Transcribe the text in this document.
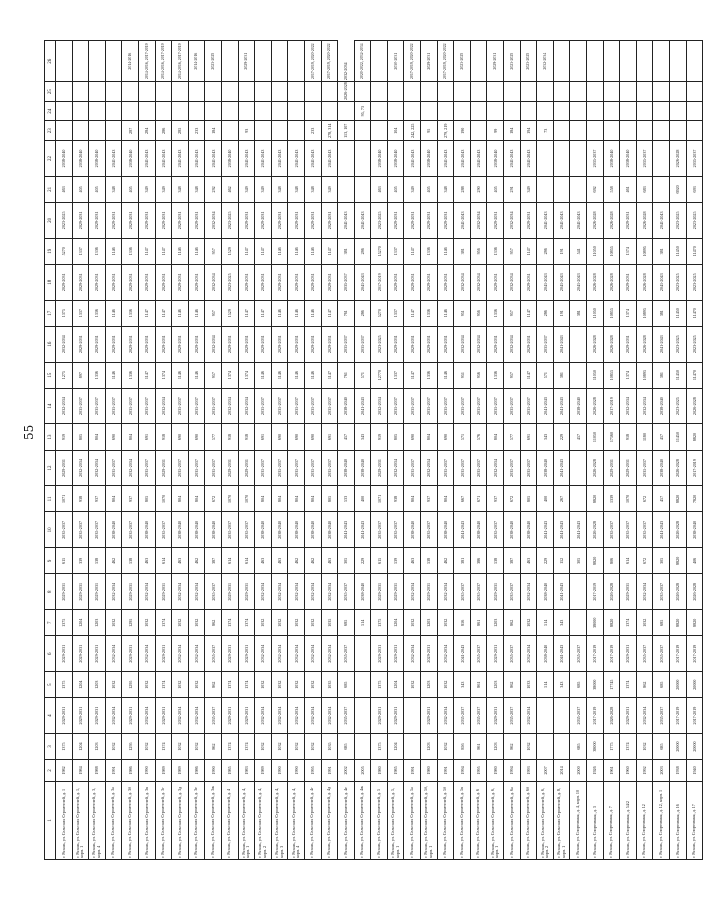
55
1	2	3	4	5	6	7	8	9	10	11	12	13	14	15	16	17	18	19	20	21	22	23	24	25	26
г. Рязань, ул. Сельских Строителей, д. 1	1982	1375	2029-2031	1375	2029-2031	1375	2029-2031	615	2035-2037	1071	2029-2031	919	2032-2034	1275	2032-2034	1375	2029-2031	5270	2023-2025	463	2038-2040				
г. Рязань, ул. Сельских Строителей, д. 1, корп. 1	1984	1204	2029-2031	1204	2029-2031	1204	2029-2031	339	2035-2037	938	2032-2034	805	2035-2037	897	2029-2031	1337	2029-2031	1337	2029-2031	405	2038-2040				
г. Рязань, ул. Сельских Строителей, д. 3, корп. 4	1988	1203	2029-2031	1203	2029-2031	1203	2029-2031	538	2035-2037	937	2032-2034	804	2035-2037	1336	2029-2031	1336	2029-2031	1336	2029-2031	405	2038-2040				
г. Рязань, ул. Сельских Строителей, д. 3а	1991	1032	2032-2034	1032	2032-2034	1032	2032-2034	462	2038-2040	804	2035-2037	690	2035-2037	1146	2029-2031	1146	2029-2031	1146	2029-2031	348	2041-2043				
г. Рязань, ул. Сельских Строителей, д. 3б	1986	1295	2029-2031	1295	2029-2031	1295	2029-2031	538	2035-2037	937	2032-2034	804	2035-2037	1336	2029-2031	1336	2029-2031	1336	2029-2031	405	2038-2040	287			2014-2016
г. Рязань, ул. Сельских Строителей, д. 3в	1990	1032	2032-2034	1032	2032-2034	1032	2032-2034	463	2038-2040	805	2035-2037	691	2035-2037	1147	2029-2031	1147	2029-2031	1147	2029-2031	349	2041-2043	284			2014-2016, 2017-2019
г. Рязань, ул. Сельских Строителей, д. 3г	1989	1374	2029-2031	1374	2029-2031	1374	2029-2031	614	2035-2037	1070	2029-2031	918	2032-2034	1374	2029-2031	1147	2029-2031	1147	2029-2031	349	2041-2043	286			2014-2016, 2017-2019
г. Рязань, ул. Сельских Строителей, д. 3д	1989	1032	2032-2034	1032	2032-2034	1032	2032-2034	463	2038-2040	804	2035-2037	690	2035-2037	1146	2029-2031	1146	2029-2031	1146	2029-2031	348	2041-2043	285			2014-2016, 2017-2019
г. Рязань, ул. Сельских Строителей, д. 3е	1986	1032	2032-2034	1032	2032-2034	1032	2032-2034	462	2038-2040	804	2035-2037	690	2035-2037	1146	2029-2031	1146	2029-2031	1146	2029-2031	348	2041-2043	233			2014-2016
г. Рязань, ул. Сельских Строителей, д. 3ж	1990	862	2035-2037	862	2035-2037	862	2035-2037	387	2038-2040	672	2035-2037	577	2035-2037	957	2032-2034	957	2032-2034	957	2032-2034	292	2041-2043	184			2023-2025
г. Рязань, ул. Сельских Строителей, д. 4	1985	1374	2029-2031	1374	2029-2031	1374	2029-2031	614	2035-2037	1070	2029-2031	918	2032-2034	1374	2029-2031	1529	2023-2025	1529	2023-2025	462	2038-2040				
г. Рязань, ул. Сельских Строителей, д. 4, корп. 1	1983	1374	2029-2031	1374	2029-2031	1374	2029-2031	614	2035-2037	1070	2029-2031	918	2032-2034	1374	2029-2031	1147	2029-2031	1147	2029-2031	349	2041-2043	93			2029-2031
г. Рязань, ул. Сельских Строителей, д. 4, корп. 2	1989	1032	2032-2034	1032	2032-2034	1032	2032-2034	463	2038-2040	804	2035-2037	691	2035-2037	1146	2029-2031	1147	2029-2031	1147	2029-2031	349	2041-2043				
г. Рязань, ул. Сельских Строителей, д. 4, корп. 3	1990	1032	2032-2034	1032	2032-2034	1032	2032-2034	463	2038-2040	804	2035-2037	690	2035-2037	1146	2029-2031	1146	2029-2031	1146	2029-2031	348	2041-2043				
г. Рязань, ул. Сельских Строителей, д. 4, корп. 4	1990	1032	2032-2034	1032	2032-2034	1032	2032-2034	462	2038-2040	804	2035-2037	690	2035-2037	1146	2029-2031	1146	2029-2031	1146	2029-2031	348	2041-2043				
г. Рязань, ул. Сельских Строителей, д. 4г	1995	1032	2032-2034	1032	2032-2034	1032	2032-2034	462	2038-2040	804	2035-2037	690	2035-2037	1146	2029-2031	1146	2029-2031	1146	2029-2031	348	2041-2043	233			2017-2019, 2020-2022
г. Рязань, ул. Сельских Строителей, д. 4д	1991	1035	2032-2034	1035	2032-2034	1035	2032-2034	463	2038-2040	805	2035-2037	691	2035-2037	1147	2029-2031	1147	2029-2031	1147	2029-2031	349	2041-2043	278, 314			2017-2019, 2020-2022
г. Рязань, ул. Сельских Строителей, д. 4е	2002	685	2035-2037	685	2035-2037	685	2035-2037	305	2041-2043	533	2038-2040	457	2038-2040	761	2035-2037	761	2035-2037	381	2041-2043			113, 107		2026-2028, 2032-2034	
г. Рязань, ул. Сельских Строителей, д. 4ж	2005					514	2038-2040	229	2041-2043	400	2038-2040	343	2041-2043	571	2035-2037	286	2041-2043	286	2041-2043				95, 73		2020-2022, 2032-2034
г. Рязань, ул. Сельских Строителей, д. 5	1980	1375	2029-2031	1375	2029-2031	1375	2029-2031	615	2035-2037	1071	2029-2031	919	2032-2034	12770	2023-2025	5270	2017-2019	15270	2023-2025	463	2038-2040				
г. Рязань, ул. Сельских Строителей, д. 5, корп. 1	1985	1204	2029-2031	1204	2029-2031	1204	2029-2031	539	2035-2037	938	2032-2034	805	2035-2037	1337	2029-2031	1337	2029-2031	1337	2029-2031	405	2038-2040	104			2030-2031
г. Рязань, ул. Сельских Строителей, д. 5а	1991			1032	2032-2034	1032	2032-2034	463	2038-2040	804	2035-2037	690	2035-2037	1147	2029-2031	1147	2029-2031	1147	2029-2031	349	2041-2043	242, 225			2017-2019, 2020-2022
г. Рязань, ул. Сельских Строителей, д. 5б, корп. 1	1980	1203	2029-2031	1203	2029-2031	1203	2029-2031	538	2035-2037	937	2032-2034	804	2035-2037	1336	2029-2031	1336	2029-2031	1336	2029-2031	405	2038-2040	95			2029-2031
г. Рязань, ул. Сельских Строителей, д. 5б	1991	1032	2032-2034	1032	2032-2034	1032	2032-2034	462	2038-2040	804	2035-2037	690	2035-2037	1146	2029-2031	1146	2029-2031	1146	2029-2031	348	2041-2043	279, 219			2017-2019, 2020-2022
г. Рязань, ул. Сельских Строителей, д. 5в	1994	856	2035-2037	343	2041-2043	856	2035-2037	381	2041-2043	667	2035-2037	571	2035-2037	951	2032-2034	951	2032-2034	381	2041-2043	288	2041-2043	190			2023-2025
г. Рязань, ул. Сельских Строителей, д. 6	1995	861	2035-2037	861	2035-2037	861	2035-2037	386	2038-2040	671	2035-2037	576	2035-2037	956	2032-2034	956	2032-2034	956	2032-2034	290	2041-2043				
г. Рязань, ул. Сельских Строителей, д. 6, корп. 1	1980	1203	2029-2031	1203	2029-2031	1203	2029-2031	538	2035-2037	937	2032-2034	804	2035-2037	1336	2029-2031	1336	2029-2031	1336	2029-2031	405	2038-2040	99			2029-2031
г. Рязань, ул. Сельских Строителей, д. 6а	1994	862	2035-2037	862	2035-2037	862	2035-2037	387	2038-2040	672	2035-2037	577	2035-2037	957	2032-2034	957	2032-2034	957	2032-2034	291	2041-2043	184			2023-2025
г. Рязань, ул. Сельских Строителей, д. 6б	1993	1032	2032-2034	1033	2032-2034	1032	2032-2034	463	2038-2040	805	2035-2037	691	2035-2037	1147	2029-2031	1147	2029-2031	1147	2029-2031	349	2041-2043	194			2023-2025
г. Рязань, ул. Сельских Строителей, д. 6, корп. 2	2007			514	2038-2040	514	2038-2040	229	2041-2043	400	2038-2040	343	2041-2043	571	2035-2037	286	2041-2043	286	2041-2043			73			2032-2034
г. Рязань, ул. Сельских Строителей, д. 8, корп. 1	2014			343	2041-2043	343	2041-2043	152	2041-2043	267	2041-2043	229	2041-2043	381	2041-2043	191	2041-2043	191	2041-2043						
г. Рязань, ул. Спортивная, д. 4, корп. 10	2000	685	2035-2037	685	2035-2037			305	2041-2043			457	2038-2040			381	2041-2043	541	2041-2043						
г. Рязань, ул. Спортивная, д. 3	1926	38000	2017-2019	38000	2017-2019	38000	2017-2019	8820	2026-2028	8820	2026-2028	11050	2026-2028	11050	2026-2028	11050	2026-2028	11050	2026-2028	692	2035-2037				
г. Рязань, ул. Спортивная, д. 7	1961	1775	2026-2028	17745	2017-2019	8820	2026-2028	806	2035-2037	1339	2029-2031	17560	2017-2019	10855	2026-2028	10855	2026-2028	10855	2026-2028	558	2038-2040				
г. Рязань, ул. Спортивная, д. 54/2	1960	1374	2029-2031	1374	2029-2031	1374	2029-2031	614	2035-2037	1070	2029-2031	918	2032-2034	1374	2029-2031	1374	2029-2031	1374	2029-2031	461	2038-2040				
г. Рязань, ул. Спортивная, д. 12	1992	1032	2032-2034	862	2035-2037	1032	2032-2034	672	2035-2037	672	2035-2037	1180	2032-2034	10895	2026-2028	10895	2026-2028	10895	2026-2028	683	2035-2037				
г. Рязань, ул. Спортивная, д. 12, корп. 1	2003	685	2035-2037	685	2035-2037	685	2035-2037	305	2041-2043	457	2038-2040	457	2038-2040	381	2041-2043	381	2041-2043	381	2041-2043						
г. Рязань, ул. Спортивная, д. 16	1938	20000	2017-2019	20000	2017-2019	8820	2026-2028	8820	2026-2028	8820	2026-2028	11450	2023-2025	11450	2023-2025	11450	2023-2025	11450	2023-2025	6920	2026-2028				
г. Рязань, ул. Спортивная, д. 17	1940	20000	2017-2019	20000	2017-2019	8820	2026-2028	406	2038-2040	7820	2017-2019	8820	2026-2028	11470	2023-2025	11470	2023-2025	11470	2023-2025	693	2035-2037				
